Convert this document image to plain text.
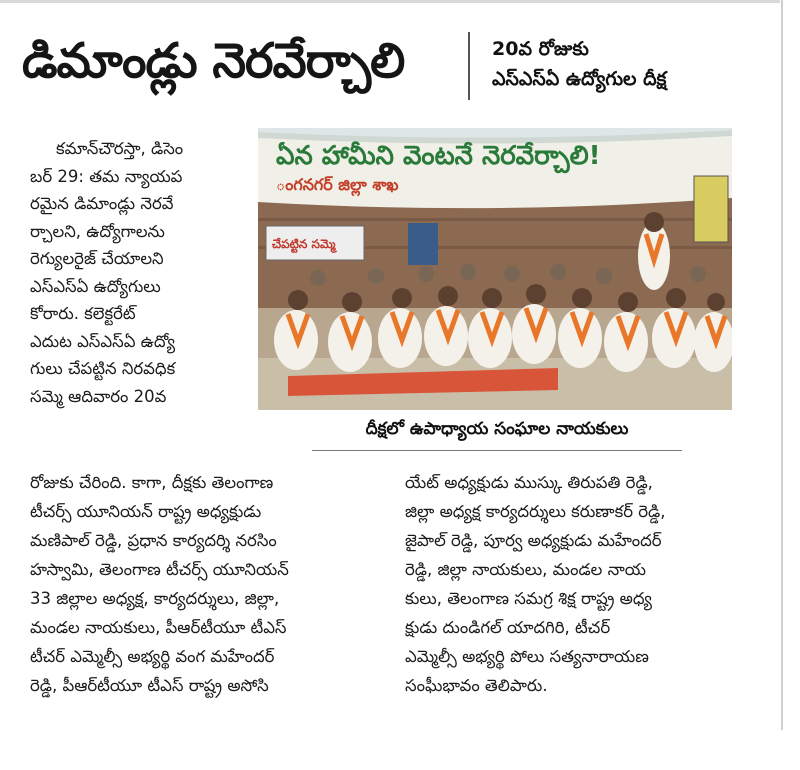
డిమాండ్లు నెరవేర్చాలి	20వ రోజుకు
ఎస్ఎస్ఏ ఉద్యోగుల దీక్ష
కమాన్‌చౌరస్తా, డిసెం
బర్ 29: తమ న్యాయప
రమైన డిమాండ్లు నెరవే
ర్చాలని, ఉద్యోగాలను
రెగ్యులరైజ్ చేయాలని
ఎస్ఎస్ఏ ఉద్యోగులు
కోరారు. కలెక్టరేట్
ఎదుట ఎస్ఎస్ఏ ఉద్యో
గులు చేపట్టిన నిరవధిక
సమ్మె ఆదివారం 20వ
ఏన హామీని వెంటనే నెరవేర్చాలి!
ంగనగర్ జిల్లా శాఖ
చేపట్టిన సమ్మె
దీక్షలో ఉపాధ్యాయ సంఘాల నాయకులు
రోజుకు చేరింది. కాగా, దీక్షకు తెలంగాణ
టీచర్స్ యూనియన్ రాష్ట్ర అధ్యక్షుడు
మణిపాల్ రెడ్డి, ప్రధాన కార్యదర్శి నరసిం
హస్వామి, తెలంగాణ టీచర్స్ యూనియన్
33 జిల్లాల అధ్యక్ష, కార్యదర్శులు, జిల్లా,
మండల నాయకులు, పీఆర్‌టీయూ టీఎస్
టీచర్ ఎమ్మెల్సీ అభ్యర్థి వంగ మహేందర్
రెడ్డి, పీఆర్‌టీయూ టీఎస్ రాష్ట్ర అసోసి
యేట్ అధ్యక్షుడు ముస్కు తిరుపతి రెడ్డి,
జిల్లా అధ్యక్ష కార్యదర్శులు కరుణాకర్ రెడ్డి,
జైపాల్ రెడ్డి, పూర్వ అధ్యక్షుడు మహేందర్
రెడ్డి, జిల్లా నాయకులు, మండల నాయ
కులు, తెలంగాణ సమగ్ర శిక్ష రాష్ట్ర అధ్య
క్షుడు దుండిగల్ యాదగిరి, టీచర్
ఎమ్మెల్సీ అభ్యర్థి పోలు సత్యనారాయణ
సంఘీభావం తెలిపారు.
